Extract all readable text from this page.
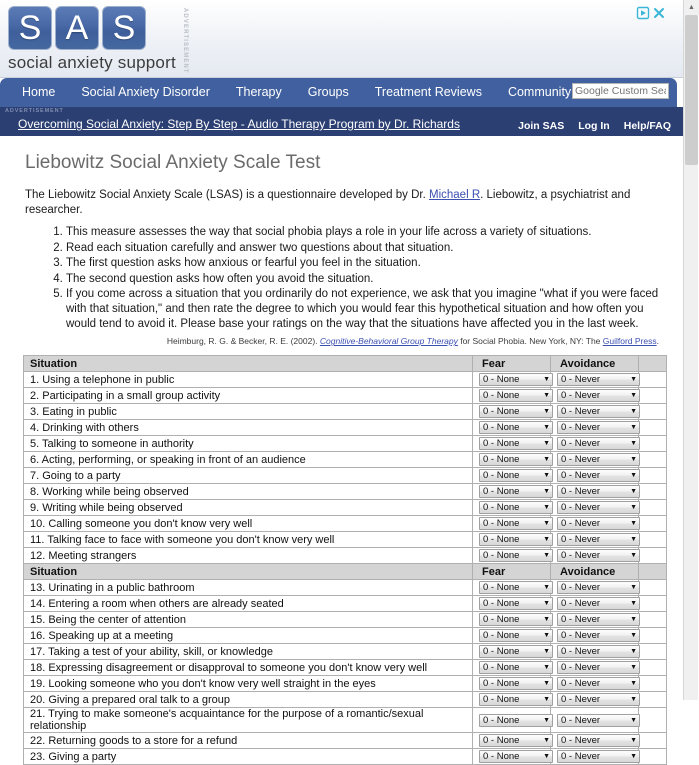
S A S
social anxiety support ADVERTISEMENT
Home	Social Anxiety Disorder	Therapy	Groups	Treatment Reviews	Community
Google Custom Sear
ADVERTISEMENT
Overcoming Social Anxiety: Step By Step - Audio Therapy Program by Dr. Richards	Join SAS Log In Help/FAQ
Liebowitz Social Anxiety Scale Test

The Liebowitz Social Anxiety Scale (LSAS) is a questionnaire developed by Dr. Michael R. Liebowitz, a psychiatrist and researcher.

1. This measure assesses the way that social phobia plays a role in your life across a variety of situations.
2. Read each situation carefully and answer two questions about that situation.
3. The first question asks how anxious or fearful you feel in the situation.
4. The second question asks how often you avoid the situation.
5. If you come across a situation that you ordinarily do not experience, we ask that you imagine "what if you were faced with that situation," and then rate the degree to which you would fear this hypothetical situation and how often you would tend to avoid it. Please base your ratings on the way that the situations have affected you in the last week.

Heimburg, R. G. & Becker, R. E. (2002). Cognitive-Behavioral Group Therapy for Social Phobia. New York, NY: The Guilford Press.

Situation	Fear	Avoidance	
1. Using a telephone in public	0 - None ▼	0 - Never ▼	

2. Participating in a small group activity	0 - None ▼	0 - Never ▼	

3. Eating in public	0 - None ▼	0 - Never ▼	

4. Drinking with others	0 - None ▼	0 - Never ▼	

5. Talking to someone in authority	0 - None ▼	0 - Never ▼	

6. Acting, performing, or speaking in front of an audience	0 - None ▼	0 - Never ▼	

7. Going to a party	0 - None ▼	0 - Never ▼	

8. Working while being observed	0 - None ▼	0 - Never ▼	

9. Writing while being observed	0 - None ▼	0 - Never ▼	

10. Calling someone you don't know very well	0 - None ▼	0 - Never ▼	

11. Talking face to face with someone you don't know very well	0 - None ▼	0 - Never ▼	

12. Meeting strangers	0 - None ▼	0 - Never ▼	

Situation	Fear	Avoidance	
13. Urinating in a public bathroom	0 - None ▼	0 - Never ▼	

14. Entering a room when others are already seated	0 - None ▼	0 - Never ▼	

15. Being the center of attention	0 - None ▼	0 - Never ▼	

16. Speaking up at a meeting	0 - None ▼	0 - Never ▼	

17. Taking a test of your ability, skill, or knowledge	0 - None ▼	0 - Never ▼	

18. Expressing disagreement or disapproval to someone you don't know very well	0 - None ▼	0 - Never ▼	

19. Looking someone who you don't know very well straight in the eyes	0 - None ▼	0 - Never ▼	

20. Giving a prepared oral talk to a group	0 - None ▼	0 - Never ▼	

21. Trying to make someone's acquaintance for the purpose of a romantic/sexual relationship	0 - None ▼	0 - Never ▼	

22. Returning goods to a store for a refund	0 - None ▼	0 - Never ▼	

23. Giving a party	0 - None ▼	0 - Never ▼	

▲
